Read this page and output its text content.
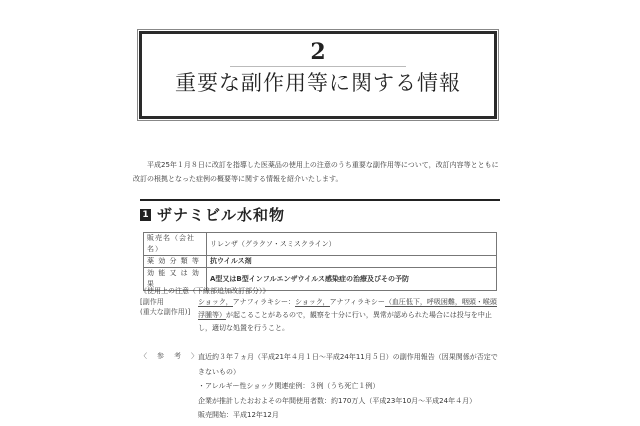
2
重要な副作用等に関する情報

平成25年１月８日に改訂を指導した医薬品の使用上の注意のうち重要な副作用等について，改訂内容等とともに改訂の根拠となった症例の概要等に関する情報を紹介いたします。

1 ザナミビル水和物
販売名（会社名）	リレンザ（グラクソ・スミスクライン）
薬 効 分 類 等	抗ウイルス剤
効 能 又 は 効 果	A型又はB型インフルエンザウイルス感染症の治療及びその予防
《使用上の注意（下線部追加改訂部分）》
[副作用
(重大な副作用)]
ショック，アナフィラキシー：ショック，アナフィラキシー（血圧低下，呼吸困難，咽頭・喉頭浮腫等）が起こることがあるので，観察を十分に行い，異常が認められた場合には投与を中止し，適切な処置を行うこと。
〈参考〉
直近約３年７ヵ月（平成21年４月１日〜平成24年11月５日）の副作用報告（因果関係が否定で
きないもの）
・アレルギー性ショック関連症例：３例（うち死亡１例）
企業が推計したおおよその年間使用者数：約170万人（平成23年10月〜平成24年４月）
販売開始：平成12年12月
